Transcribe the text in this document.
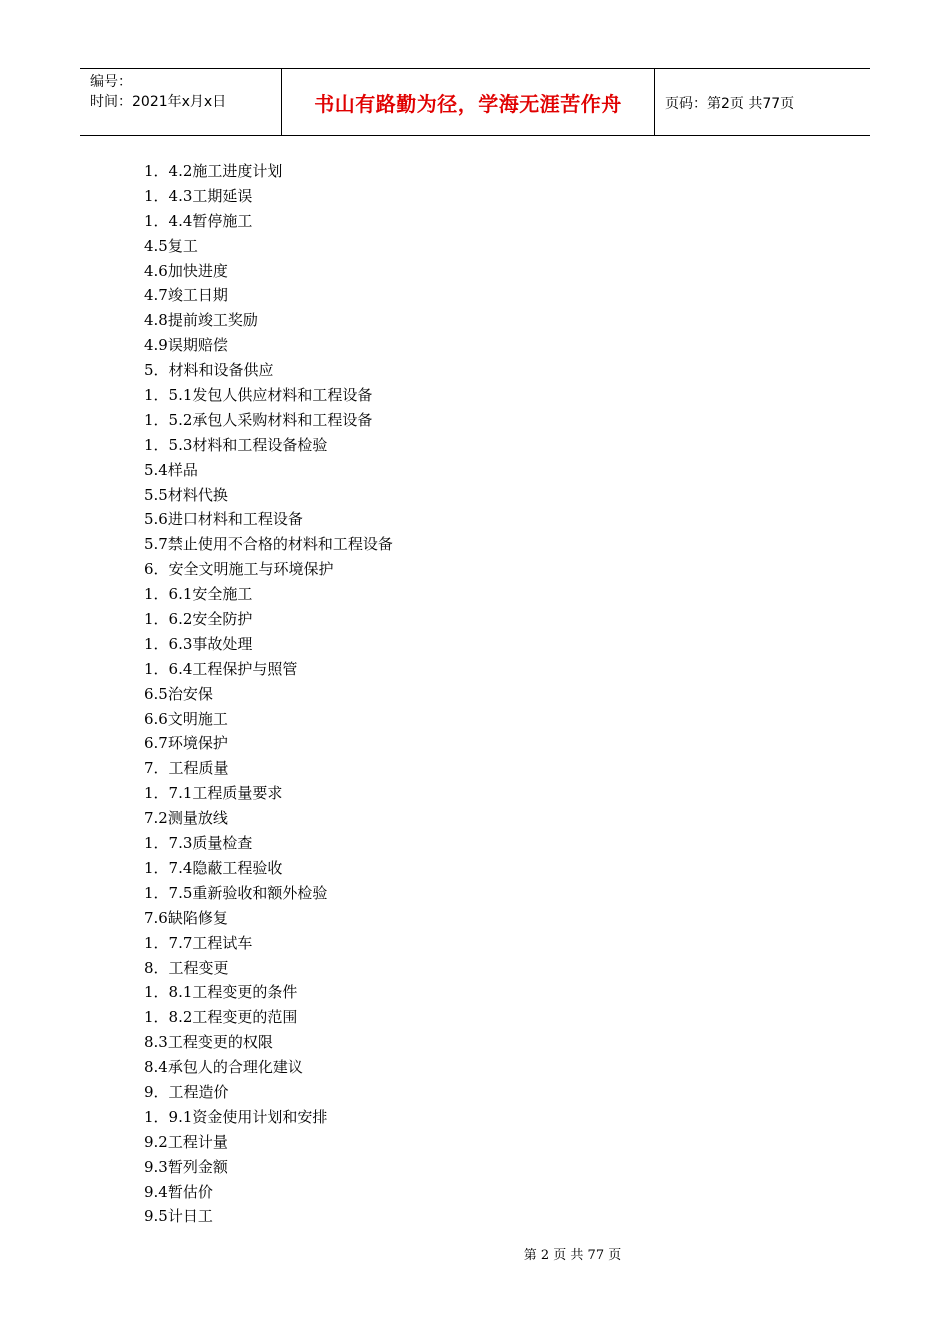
编号：
时间：2021年x月x日	书山有路勤为径，学海无涯苦作舟	页码：第2页 共77页
1．4.2施工进度计划
1．4.3工期延误
1．4.4暂停施工
4.5复工
4.6加快进度
4.7竣工日期
4.8提前竣工奖励
4.9误期赔偿
5．材料和设备供应
1．5.1发包人供应材料和工程设备
1．5.2承包人采购材料和工程设备
1．5.3材料和工程设备检验
5.4样品
5.5材料代换
5.6进口材料和工程设备
5.7禁止使用不合格的材料和工程设备
6．安全文明施工与环境保护
1．6.1安全施工
1．6.2安全防护
1．6.3事故处理
1．6.4工程保护与照管
6.5治安保
6.6文明施工
6.7环境保护
7．工程质量
1．7.1工程质量要求
7.2测量放线
1．7.3质量检查
1．7.4隐蔽工程验收
1．7.5重新验收和额外检验
7.6缺陷修复
1．7.7工程试车
8．工程变更
1．8.1工程变更的条件
1．8.2工程变更的范围
8.3工程变更的权限
8.4承包人的合理化建议
9．工程造价
1．9.1资金使用计划和安排
9.2工程计量
9.3暂列金额
9.4暂估价
9.5计日工
第 2 页 共 77 页
